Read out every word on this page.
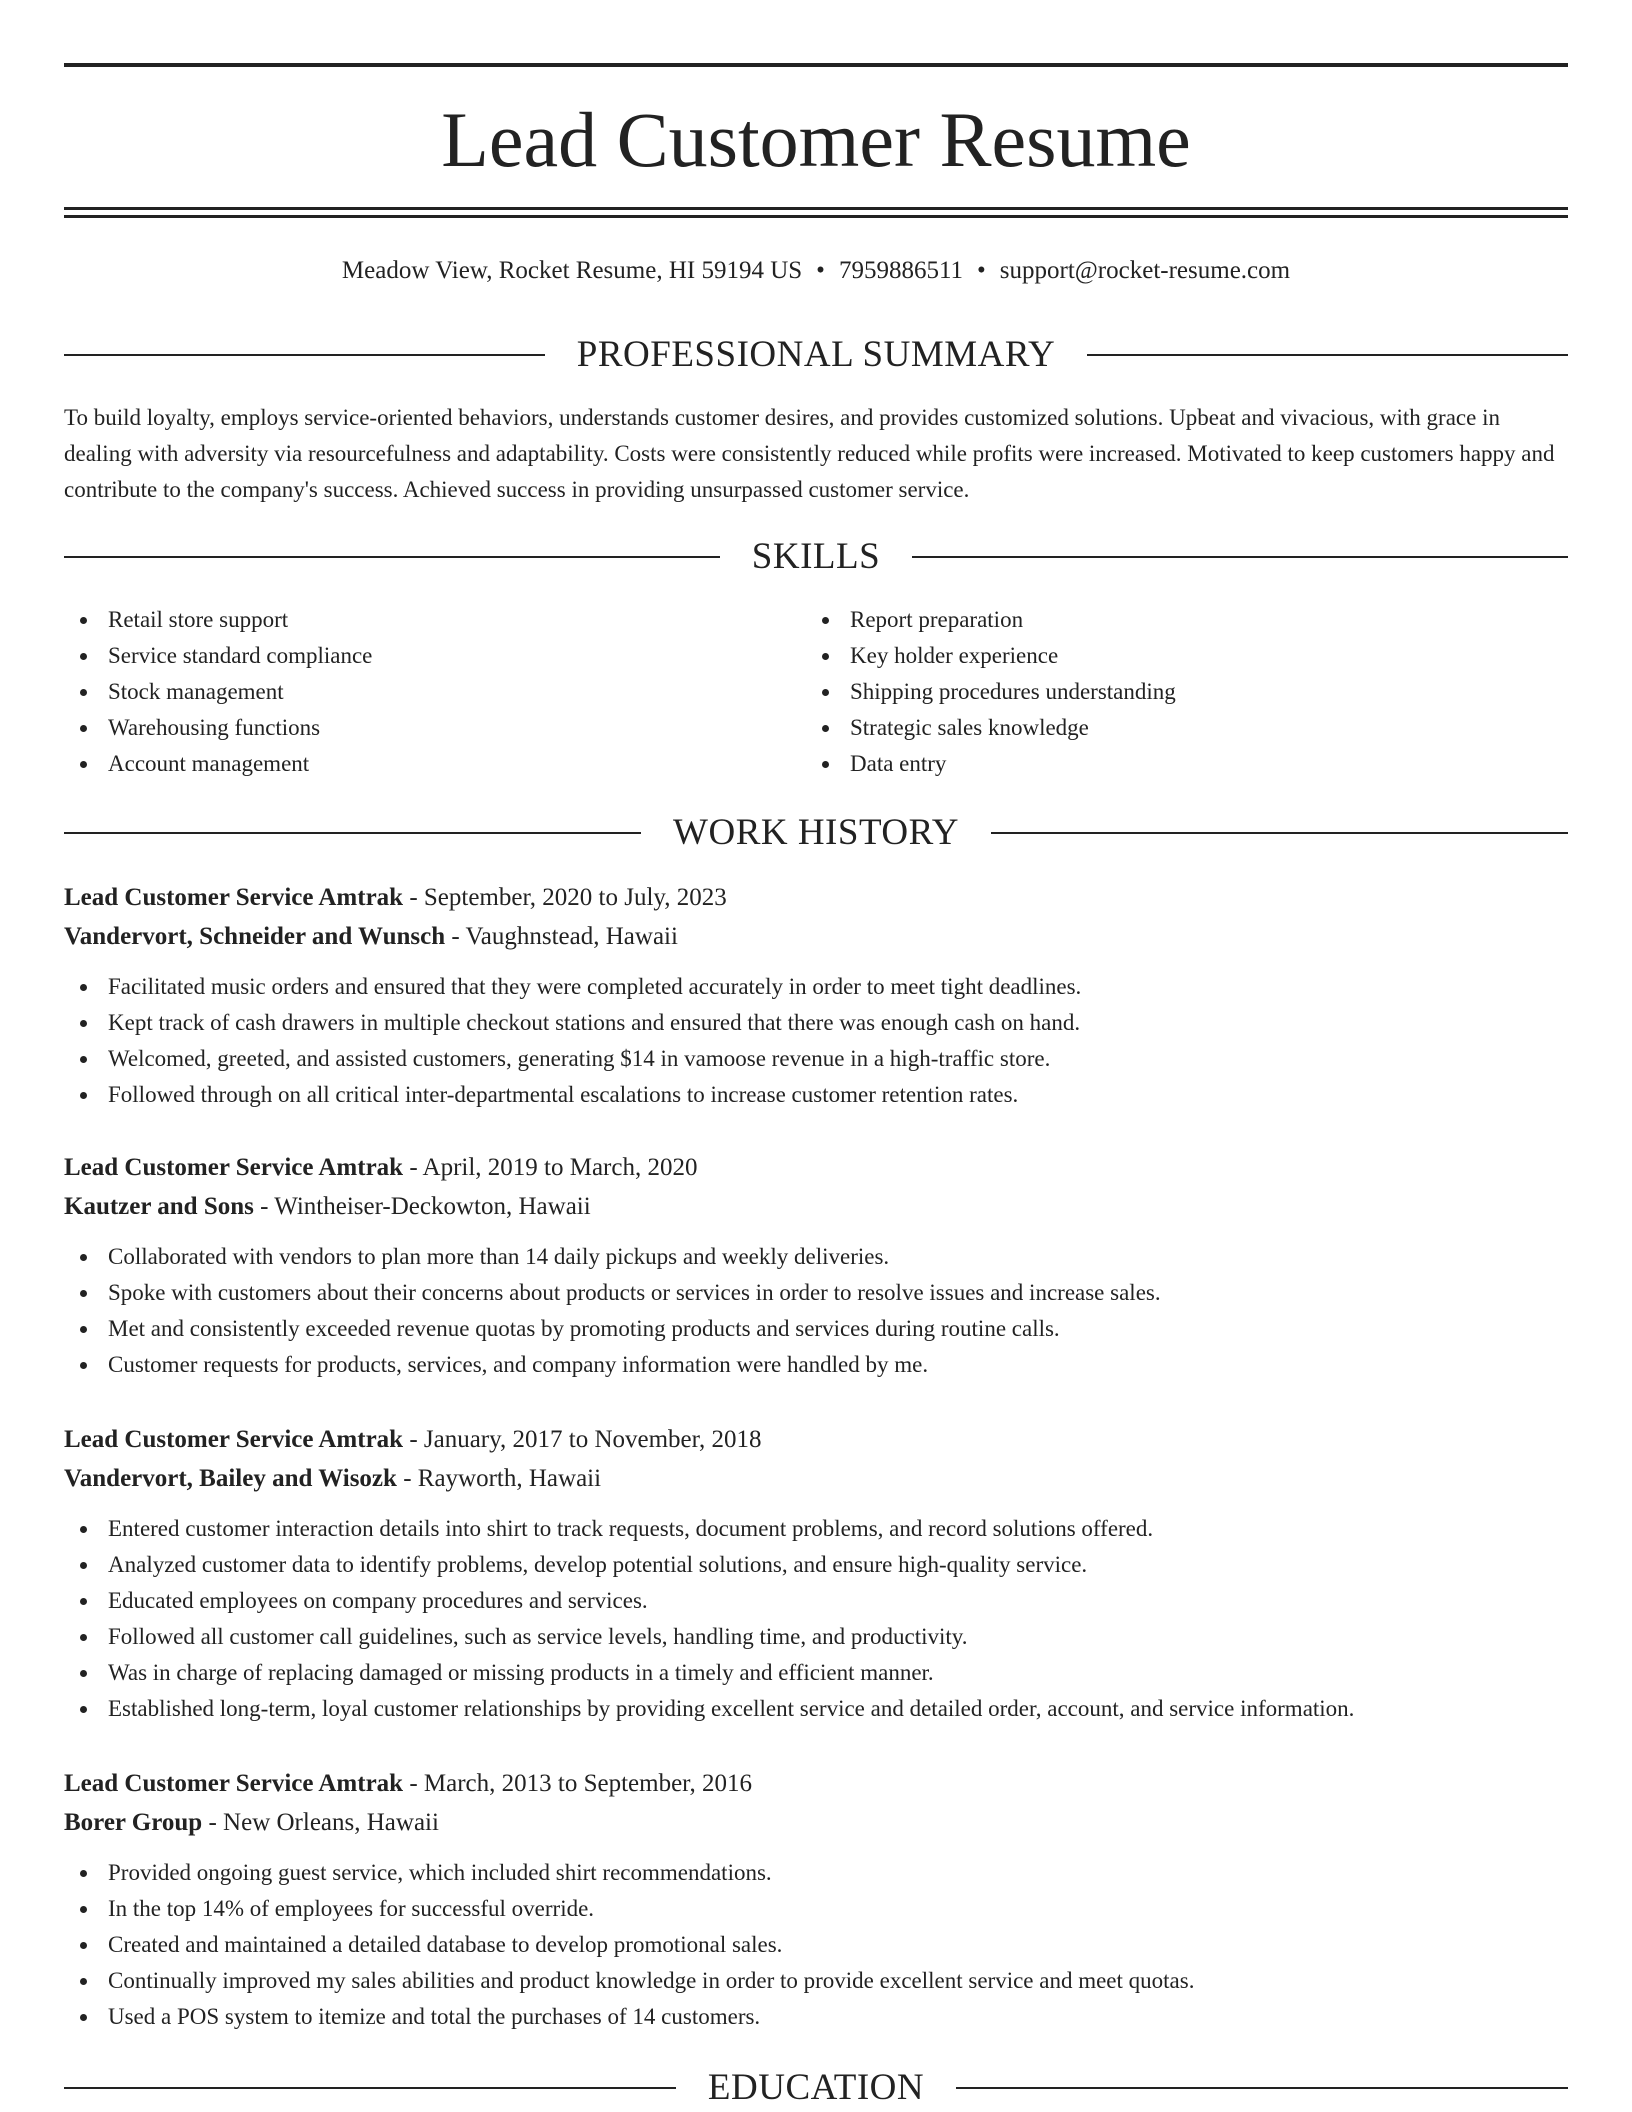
Lead Customer Resume
Meadow View, Rocket Resume, HI 59194 US • 7959886511 • support@rocket-resume.com
PROFESSIONAL SUMMARY

To build loyalty, employs service-oriented behaviors, understands customer desires, and provides customized solutions. Upbeat and vivacious, with grace in dealing with adversity via resourcefulness and adaptability. Costs were consistently reduced while profits were increased. Motivated to keep customers happy and contribute to the company's success. Achieved success in providing unsurpassed customer service.

SKILLS
Retail store support
Service standard compliance
Stock management
Warehousing functions
Account management
Report preparation
Key holder experience
Shipping procedures understanding
Strategic sales knowledge
Data entry
WORK HISTORY
Lead Customer Service Amtrak - September, 2020 to July, 2023
Vandervort, Schneider and Wunsch - Vaughnstead, Hawaii
Facilitated music orders and ensured that they were completed accurately in order to meet tight deadlines.
Kept track of cash drawers in multiple checkout stations and ensured that there was enough cash on hand.
Welcomed, greeted, and assisted customers, generating $14 in vamoose revenue in a high-traffic store.
Followed through on all critical inter-departmental escalations to increase customer retention rates.
Lead Customer Service Amtrak - April, 2019 to March, 2020
Kautzer and Sons - Wintheiser-Deckowton, Hawaii
Collaborated with vendors to plan more than 14 daily pickups and weekly deliveries.
Spoke with customers about their concerns about products or services in order to resolve issues and increase sales.
Met and consistently exceeded revenue quotas by promoting products and services during routine calls.
Customer requests for products, services, and company information were handled by me.
Lead Customer Service Amtrak - January, 2017 to November, 2018
Vandervort, Bailey and Wisozk - Rayworth, Hawaii
Entered customer interaction details into shirt to track requests, document problems, and record solutions offered.
Analyzed customer data to identify problems, develop potential solutions, and ensure high-quality service.
Educated employees on company procedures and services.
Followed all customer call guidelines, such as service levels, handling time, and productivity.
Was in charge of replacing damaged or missing products in a timely and efficient manner.
Established long-term, loyal customer relationships by providing excellent service and detailed order, account, and service information.
Lead Customer Service Amtrak - March, 2013 to September, 2016
Borer Group - New Orleans, Hawaii
Provided ongoing guest service, which included shirt recommendations.
In the top 14% of employees for successful override.
Created and maintained a detailed database to develop promotional sales.
Continually improved my sales abilities and product knowledge in order to provide excellent service and meet quotas.
Used a POS system to itemize and total the purchases of 14 customers.
EDUCATION
